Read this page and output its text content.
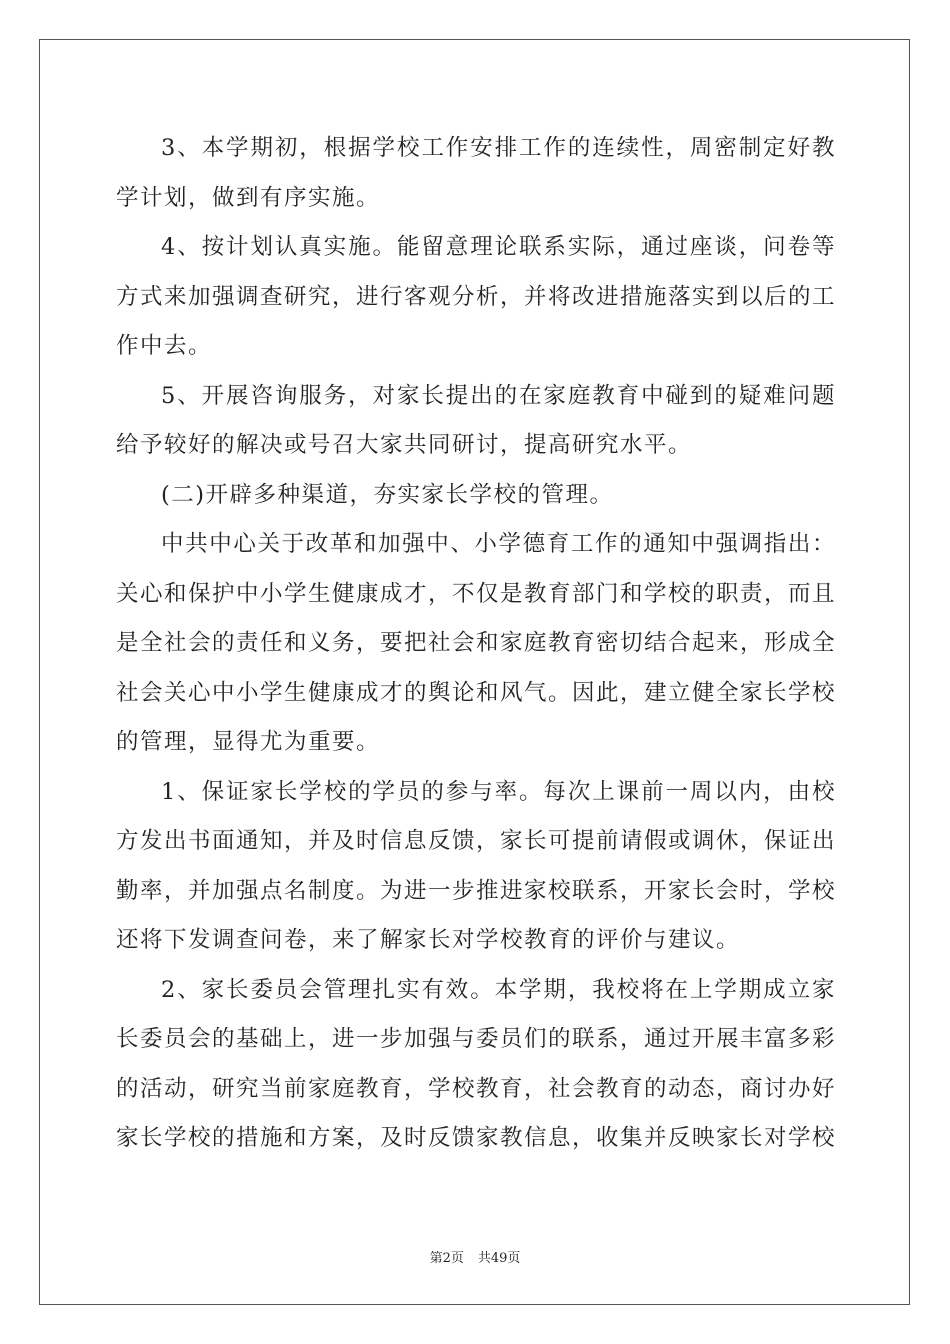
3、本学期初，根据学校工作安排工作的连续性，周密制定好教学计划，做到有序实施。

4、按计划认真实施。能留意理论联系实际，通过座谈，问卷等方式来加强调查研究，进行客观分析，并将改进措施落实到以后的工作中去。

5、开展咨询服务，对家长提出的在家庭教育中碰到的疑难问题给予较好的解决或号召大家共同研讨，提高研究水平。

(二)开辟多种渠道，夯实家长学校的管理。

中共中心关于改革和加强中、小学德育工作的通知中强调指出：关心和保护中小学生健康成才，不仅是教育部门和学校的职责，而且是全社会的责任和义务，要把社会和家庭教育密切结合起来，形成全社会关心中小学生健康成才的舆论和风气。因此，建立健全家长学校的管理，显得尤为重要。

1、保证家长学校的学员的参与率。每次上课前一周以内，由校方发出书面通知，并及时信息反馈，家长可提前请假或调休，保证出勤率，并加强点名制度。为进一步推进家校联系，开家长会时，学校还将下发调查问卷，来了解家长对学校教育的评价与建议。

2、家长委员会管理扎实有效。本学期，我校将在上学期成立家长委员会的基础上，进一步加强与委员们的联系，通过开展丰富多彩的活动，研究当前家庭教育，学校教育，社会教育的动态，商讨办好家长学校的措施和方案，及时反馈家教信息，收集并反映家长对学校

第2页 共49页
